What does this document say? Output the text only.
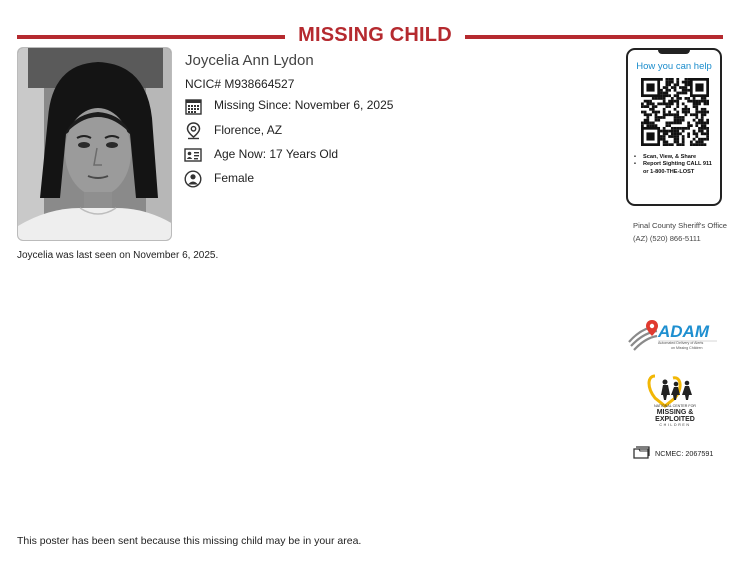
MISSING CHILD
Joycelia Ann Lydon
NCIC# M938664527
Missing Since: November 6, 2025
Florence, AZ
Age Now: 17 Years Old
Female
Joycelia was last seen on November 6, 2025.
How you can help
• Scan, View, & Share
• Report Sighting CALL 911 or 1-800-THE-LOST
Pinal County Sheriff's Office (AZ) (520) 866-5111
ADAM
Automated Delivery of Alerts
on Missing Children
NATIONAL CENTER FOR
MISSING &
EXPLOITED
CHILDREN
NCMEC: 2067591
This poster has been sent because this missing child may be in your area.
